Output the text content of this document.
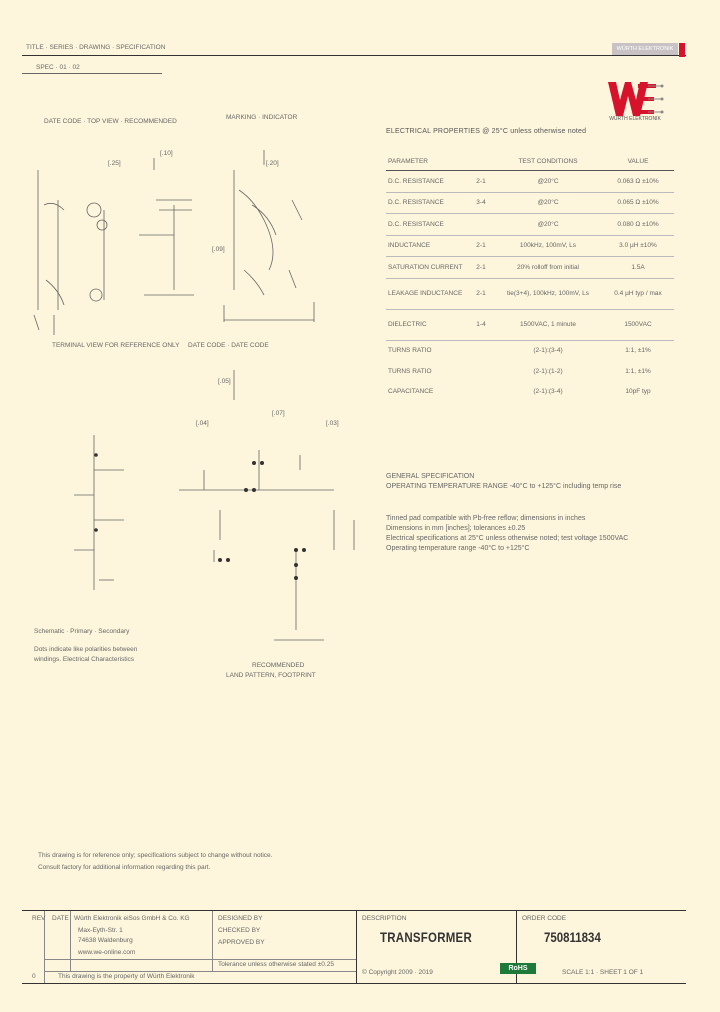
TITLE · SERIES · DRAWING · SPECIFICATION
SPEC · 01 · 02
WÜRTH ELEKTRONIK
WÜRTH ELEKTRONIK
DATE CODE · TOP VIEW · RECOMMENDED
MARKING · INDICATOR
[.25]
[.10]
[.20]
[.09]
TERMINAL VIEW FOR REFERENCE ONLY DATE CODE · DATE CODE
[.05]
[.07]
[.04]	[.03]
Schematic · Primary · Secondary
Dots indicate like polarities between
windings. Electrical Characteristics
RECOMMENDED
LAND PATTERN, FOOTPRINT
ELECTRICAL PROPERTIES @ 25°C unless otherwise noted
PARAMETER		TEST CONDITIONS	VALUE
D.C. RESISTANCE	2-1	@20°C	0.063 Ω ±10%
D.C. RESISTANCE	3-4	@20°C	0.065 Ω ±10%
D.C. RESISTANCE		@20°C	0.080 Ω ±10%
INDUCTANCE	2-1	100kHz, 100mV, Ls	3.0 µH ±10%
SATURATION CURRENT	2-1	20% rolloff from initial	1.5A
LEAKAGE INDUCTANCE	2-1	tie(3+4), 100kHz, 100mV, Ls	0.4 µH typ / max
DIELECTRIC	1-4	1500VAC, 1 minute	1500VAC
TURNS RATIO		(2-1):(3-4)	1:1, ±1%
TURNS RATIO		(2-1):(1-2)	1:1, ±1%
CAPACITANCE		(2-1):(3-4)	10pF typ
GENERAL SPECIFICATION
OPERATING TEMPERATURE RANGE -40°C to +125°C including temp rise
Tinned pad compatible with Pb-free reflow; dimensions in inches
Dimensions in mm [inches]; tolerances ±0.25
Electrical specifications at 25°C unless otherwise noted; test voltage 1500VAC
Operating temperature range -40°C to +125°C
This drawing is for reference only; specifications subject to change without notice.
Consult factory for additional information regarding this part.
REV
0
DATE Würth Elektronik eiSos GmbH & Co. KG
Max-Eyth-Str. 1
74638 Waldenburg
www.we-online.com
DESIGNED BY
CHECKED BY
APPROVED BY
Tolerance unless otherwise stated ±0.25
This drawing is the property of Würth Elektronik
DESCRIPTION	ORDER CODE
© Copyright 2009 · 2019	SCALE 1:1 · SHEET 1 OF 1
TRANSFORMER	750811834
RoHS
